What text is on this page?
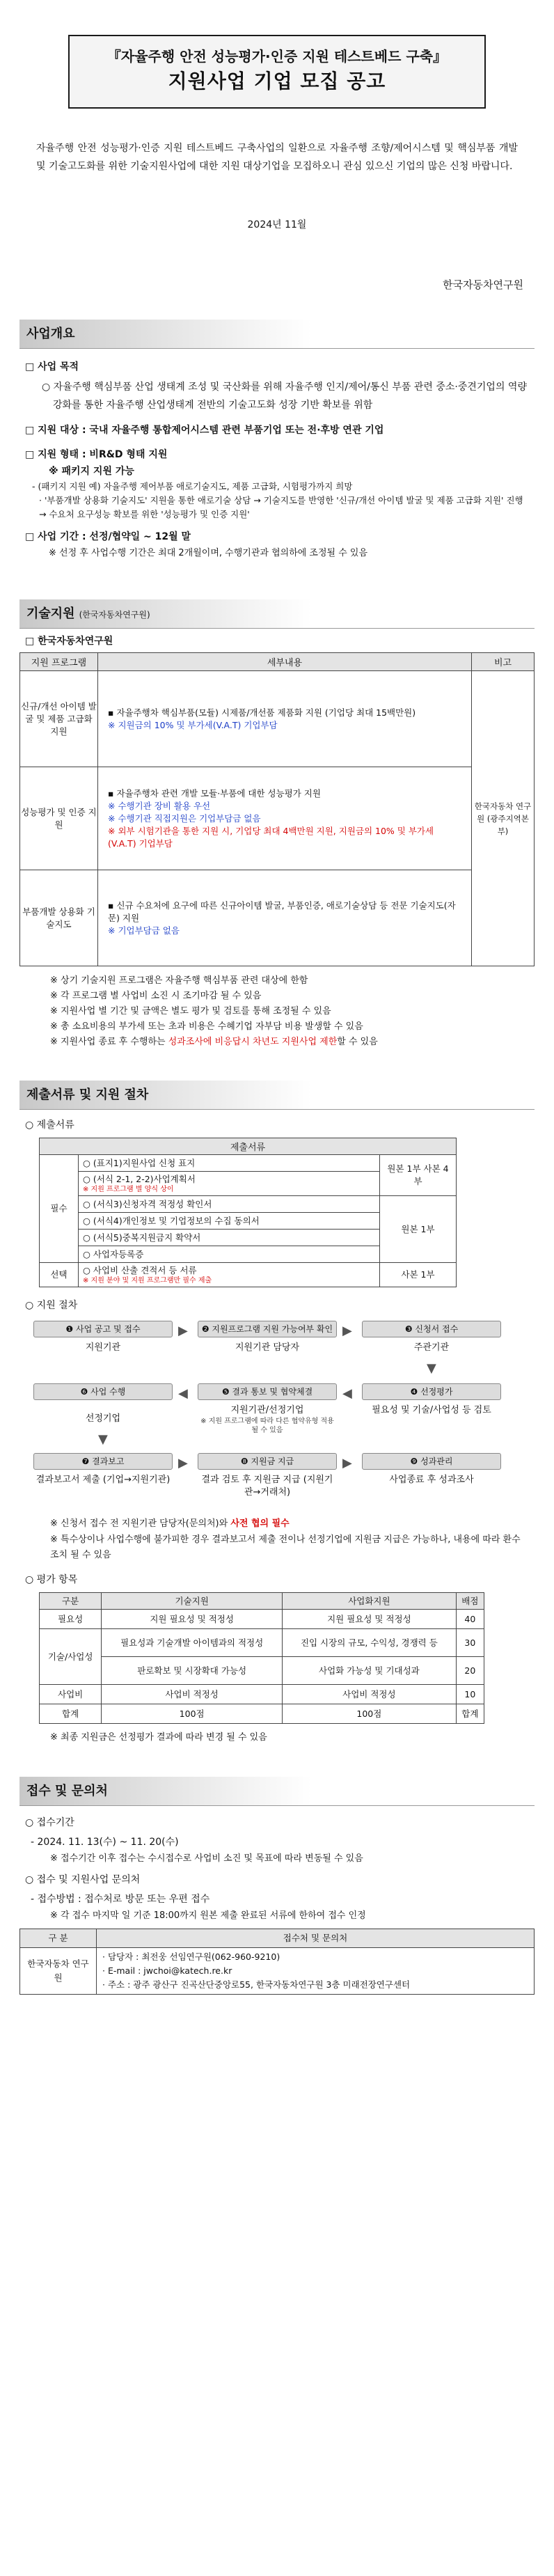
『자율주행 안전 성능평가·인증 지원 테스트베드 구축』
지원사업 기업 모집 공고

자율주행 안전 성능평가·인증 지원 테스트베드 구축사업의 일환으로 자율주행 조향/제어시스템 및 핵심부품 개발 및 기술고도화를 위한 기술지원사업에 대한 지원 대상기업을 모집하오니 관심 있으신 기업의 많은 신청 바랍니다.

2024년 11월
한국자동차연구원
사업개요
□ 사업 목적
○ 자율주행 핵심부품 산업 생태계 조성 및 국산화를 위해 자율주행 인지/제어/통신 부품 관련 중소·중견기업의 역량 강화를 통한 자율주행 산업생태계 전반의 기술고도화 성장 기반 확보를 위함
□ 지원 대상 : 국내 자율주행 통합제어시스템 관련 부품기업 또는 전·후방 연관 기업
□ 지원 형태 : 비R&D 형태 지원
※ 패키지 지원 가능
- (패키지 지원 예) 자율주행 제어부품 애로기술지도, 제품 고급화, 시험평가까지 희망
· '부품개발 상용화 기술지도' 지원을 통한 애로기술 상담 → 기술지도를 반영한 '신규/개선 아이템 발굴 및 제품 고급화 지원' 진행 → 수요처 요구성능 확보를 위한 '성능평가 및 인증 지원'
□ 사업 기간 : 선정/협약일 ~ 12월 말
※ 선정 후 사업수행 기간은 최대 2개월이며, 수행기관과 협의하에 조정될 수 있음
기술지원 (한국자동차연구원)
□ 한국자동차연구원
지원 프로그램	세부내용	비고
신규/개선 아이템 발굴 및 제품 고급화 지원	▪ 자율주행차 핵심부품(모듈) 시제품/개선품 제품화 지원 (기업당 최대 15백만원)
※ 지원금의 10% 및 부가세(V.A.T) 기업부담	한국자동차 연구원 (광주지역본부)
성능평가 및 인증 지원	▪ 자율주행차 관련 개발 모듈·부품에 대한 성능평가 지원
※ 수행기관 장비 활용 우선
※ 수행기관 직접지원은 기업부담금 없음
※ 외부 시험기관을 통한 지원 시, 기업당 최대 4백만원 지원, 지원금의 10% 및 부가세(V.A.T) 기업부담	

부품개발 상용화 기술지도	▪ 신규 수요처에 요구에 따른 신규아이템 발굴, 부품인증, 애로기술상담 등 전문 기술지도(자문) 지원
※ 기업부담금 없음	
※ 상기 기술지원 프로그램은 자율주행 핵심부품 관련 대상에 한함
※ 각 프로그램 별 사업비 소진 시 조기마감 될 수 있음
※ 지원사업 별 기간 및 금액은 별도 평가 및 검토를 통해 조정될 수 있음
※ 총 소요비용의 부가세 또는 초과 비용은 수혜기업 자부담 비용 발생할 수 있음
※ 지원사업 종료 후 수행하는 성과조사에 비응답시 차년도 지원사업 제한할 수 있음
제출서류 및 지원 절차
○ 제출서류
제출서류		
필수	○ (표지1)지원사업 신청 표지	원본 1부 사본 4부

	○ (서식 2-1, 2-2)사업계획서
※ 지원 프로그램 별 양식 상이	

	○ (서식3)신청자격 적정성 확인서	원본 1부
	○ (서식4)개인정보 및 기업정보의 수집 동의서	
	○ (서식5)중복지원금지 확약서	
	○ 사업자등록증	
선택	○ 사업비 산출 견적서 등 서류
※ 지원 분야 및 지원 프로그램만 필수 제출	사본 1부
○ 지원 절차
❶ 사업 공고 및 접수
지원기관
▶	❷ 지원프로그램 지원 가능여부 확인
지원기관 담당자
▶	❸ 신청서 접수
주관기관
▼
❻ 사업 수행
선정기업
◀	❺ 결과 통보 및 협약체결
지원기관/선정기업
※ 지원 프로그램에 따라 다른 협약유형 적용될 수 있음
◀	❹ 선정평가
필요성 및 기술/사업성 등 검토
▼
❼ 결과보고
결과보고서 제출 (기업→지원기관)
▶	❽ 지원금 지급
결과 검토 후 지원금 지급 (지원기관→거래처)
▶	❾ 성과관리
사업종료 후 성과조사
※ 신청서 접수 전 지원기관 담당자(문의처)와 사전 협의 필수
※ 특수상이나 사업수행에 불가피한 경우 결과보고서 제출 전이나 선정기업에 지원금 지급은 가능하나, 내용에 따라 환수조치 될 수 있음
○ 평가 항목
구분	기술지원	사업화지원	배점
필요성	지원 필요성 및 적정성	지원 필요성 및 적정성	40
기술/사업성	필요성과 기술개발 아이템과의 적정성	진입 시장의 규모, 수익성, 경쟁력 등	30
	판로확보 및 시장확대 가능성	사업화 가능성 및 기대성과	20
사업비	사업비 적정성	사업비 적정성	10
합계	100점	100점	합계
※ 최종 지원금은 선정평가 결과에 따라 변경 될 수 있음
접수 및 문의처
○ 접수기간
- 2024. 11. 13(수) ~ 11. 20(수)
※ 접수기간 이후 접수는 수시접수로 사업비 소진 및 목표에 따라 변동될 수 있음
○ 접수 및 지원사업 문의처
- 접수방법 : 접수처로 방문 또는 우편 접수
※ 각 접수 마지막 일 기준 18:00까지 원본 제출 완료된 서류에 한하여 접수 인정
구 분	접수처 및 문의처
한국자동차 연구원	· 담당자 : 최전웅 선임연구원(062-960-9210)
· E-mail : jwchoi@katech.re.kr
· 주소 : 광주 광산구 진곡산단중앙로55, 한국자동차연구원 3층 미래전장연구센터
